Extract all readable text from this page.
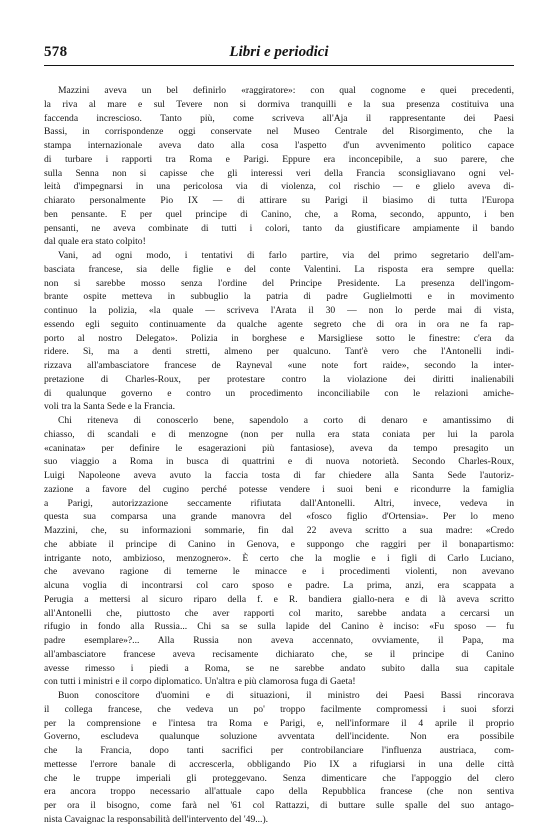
578	Libri e periodici
Mazzini aveva un bel definirlo «raggiratore»: con qual cognome e quei precedenti,
la riva al mare e sul Tevere non si dormiva tranquilli e la sua presenza costituiva una
faccenda increscioso. Tanto più, come scriveva all'Aja il rappresentante dei Paesi
Bassi, in corrispondenze oggi conservate nel Museo Centrale del Risorgimento, che la
stampa internazionale aveva dato alla cosa l'aspetto d'un avvenimento politico capace
di turbare i rapporti tra Roma e Parigi. Eppure era inconcepibile, a suo parere, che
sulla Senna non si capisse che gli interessi veri della Francia sconsigliavano ogni vel-
leità d'impegnarsi in una pericolosa via di violenza, col rischio — e glielo aveva di-
chiarato personalmente Pio IX — di attirare su Parigi il biasimo di tutta l'Europa
ben pensante. E per quel principe di Canino, che, a Roma, secondo, appunto, i ben
pensanti, ne aveva combinate di tutti i colori, tanto da giustificare ampiamente il bando
dal quale era stato colpito!
Vani, ad ogni modo, i tentativi di farlo partire, via del primo segretario dell'am-
basciata francese, sia delle figlie e del conte Valentini. La risposta era sempre quella:
non si sarebbe mosso senza l'ordine del Principe Presidente. La presenza dell'ingom-
brante ospite metteva in subbuglio la patria di padre Guglielmotti e in movimento
continuo la polizia, «la quale — scriveva l'Arata il 30 — non lo perde mai di vista,
essendo egli seguito continuamente da qualche agente segreto che di ora in ora ne fa rap-
porto al nostro Delegato». Polizia in borghese e Marsigliese sotto le finestre: c'era da
ridere. Sì, ma a denti stretti, almeno per qualcuno. Tant'è vero che l'Antonelli indi-
rizzava all'ambasciatore francese de Rayneval «une note fort raide», secondo la inter-
pretazione di Charles-Roux, per protestare contro la violazione dei diritti inalienabili
di qualunque governo e contro un procedimento inconciliabile con le relazioni amiche-
voli tra la Santa Sede e la Francia.
Chi riteneva di conoscerlo bene, sapendolo a corto di denaro e amantissimo di
chiasso, di scandali e di menzogne (non per nulla era stata coniata per lui la parola
«caninata» per definire le esagerazioni più fantasiose), aveva da tempo presagito un
suo viaggio a Roma in busca di quattrini e di nuova notorietà. Secondo Charles-Roux,
Luigi Napoleone aveva avuto la faccia tosta di far chiedere alla Santa Sede l'autoriz-
zazione a favore del cugino perché potesse vendere i suoi beni e ricondurre la famiglia
a Parigi, autorizzazione seccamente rifiutata dall'Antonelli. Altri, invece, vedeva in
questa sua comparsa una grande manovra del «fosco figlio d'Ortensia». Per lo meno
Mazzini, che, su informazioni sommarie, fin dal 22 aveva scritto a sua madre: «Credo
che abbiate il principe di Canino in Genova, e suppongo che raggiri per il bonapartismo:
intrigante noto, ambizioso, menzognero». È certo che la moglie e i figli di Carlo Luciano,
che avevano ragione di temerne le minacce e i procedimenti violenti, non avevano
alcuna voglia di incontrarsi col caro sposo e padre. La prima, anzi, era scappata a
Perugia a mettersi al sicuro riparo della f. e R. bandiera giallo-nera e di là aveva scritto
all'Antonelli che, piuttosto che aver rapporti col marito, sarebbe andata a cercarsi un
rifugio in fondo alla Russia... Chi sa se sulla lapide del Canino è inciso: «Fu sposo — fu
padre esemplare»?... Alla Russia non aveva accennato, ovviamente, il Papa, ma
all'ambasciatore francese aveva recisamente dichiarato che, se il principe di Canino
avesse rimesso i piedi a Roma, se ne sarebbe andato subito dalla sua capitale
con tutti i ministri e il corpo diplomatico. Un'altra e più clamorosa fuga di Gaeta!
Buon conoscitore d'uomini e di situazioni, il ministro dei Paesi Bassi rincorava
il collega francese, che vedeva un po' troppo facilmente compromessi i suoi sforzi
per la comprensione e l'intesa tra Roma e Parigi, e, nell'informare il 4 aprile il proprio
Governo, escludeva qualunque soluzione avventata dell'incidente. Non era possibile
che la Francia, dopo tanti sacrifici per controbilanciare l'influenza austriaca, com-
mettesse l'errore banale di accrescerla, obbligando Pio IX a rifugiarsi in una delle città
che le truppe imperiali gli proteggevano. Senza dimenticare che l'appoggio del clero
era ancora troppo necessario all'attuale capo della Repubblica francese (che non sentiva
per ora il bisogno, come farà nel '61 col Rattazzi, di buttare sulle spalle del suo antago-
nista Cavaignac la responsabilità dell'intervento del '49...).
